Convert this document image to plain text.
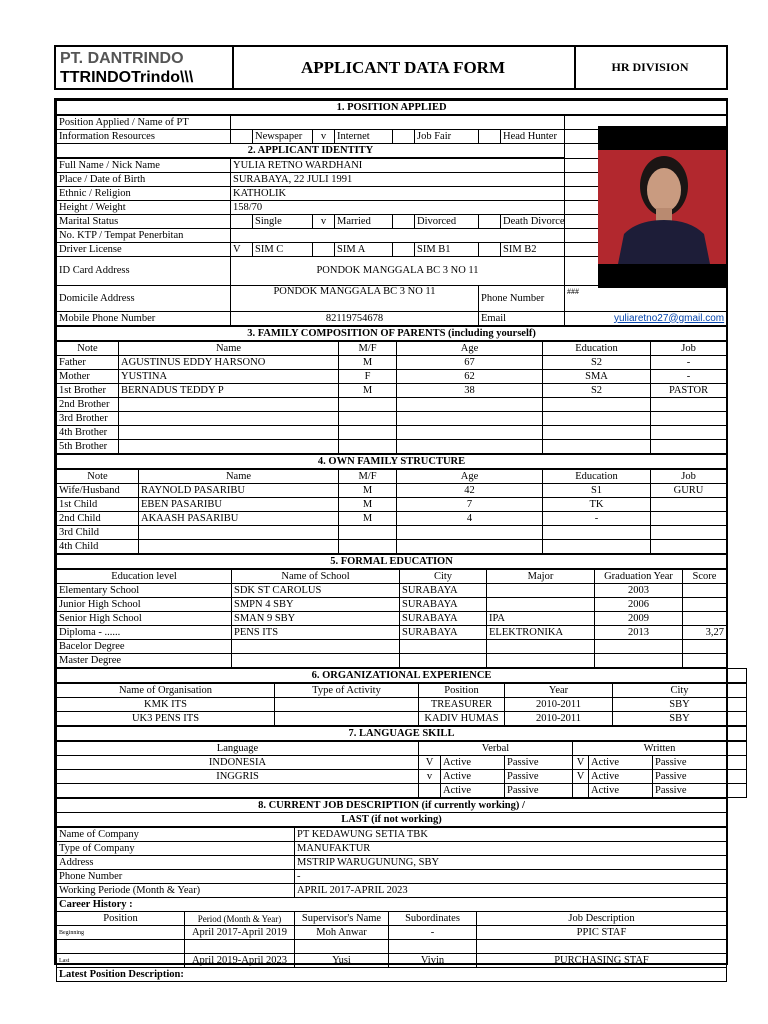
PT. DANTRINDO
TTRINDOTrindo\\\
APPLICANT DATA FORM	HR DIVISION
1. POSITION APPLIED									
Position Applied / Name of PT									
Information Resources		Newspaper	v	Internet		Job Fair		Head Hunter	
2. APPLICANT IDENTITY									
Full Name / Nick Name	YULIA RETNO WARDHANI								
Place / Date of Birth	SURABAYA, 22 JULI 1991								
Ethnic / Religion	KATHOLIK								
Height / Weight	158/70								
Marital Status		Single	v	Married		Divorced		Death Divorce	
No. KTP / Tempat Penerbitan									
Driver License	V	SIM C		SIM A		SIM B1		SIM B2	
ID Card Address	PONDOK MANGGALA BC 3 NO 11								
Domicile Address	PONDOK MANGGALA BC 3 NO 11						Phone Number		###
Mobile Phone Number	82119754678						Email		yuliaretno27@gmail.com
3. FAMILY COMPOSITION OF PARENTS (including yourself)					
Note	Name	M/F	Age	Education	Job
Father	AGUSTINUS EDDY HARSONO	M	67	S2	-
Mother	YUSTINA	F	62	SMA	-
1st Brother	BERNADUS TEDDY P	M	38	S2	PASTOR
2nd Brother					
3rd Brother					
4th Brother					
5th Brother					
4. OWN FAMILY STRUCTURE					
Note	Name	M/F	Age	Education	Job
Wife/Husband	RAYNOLD PASARIBU	M	42	S1	GURU
1st Child	EBEN PASARIBU	M	7	TK	
2nd Child	AKAASH PASARIBU	M	4	-	
3rd Child					
4th Child					
5. FORMAL EDUCATION					
Education level	Name of School	City	Major	Graduation Year	Score
Elementary School	SDK ST CAROLUS	SURABAYA		2003	
Junior High School	SMPN 4 SBY	SURABAYA		2006	
Senior High School	SMAN 9 SBY	SURABAYA	IPA	2009	
Diploma - ......	PENS ITS	SURABAYA	ELEKTRONIKA	2013	3,27
Bacelor Degree					
Master Degree					
6. ORGANIZATIONAL EXPERIENCE				
Name of Organisation	Type of Activity	Position	Year	City
KMK ITS		TREASURER	2010-2011	SBY
UK3 PENS ITS		KADIV HUMAS	2010-2011	SBY
7. LANGUAGE SKILL						
Language	Verbal			Written		
INDONESIA	V	Active	Passive	V	Active	Passive
INGGRIS	v	Active	Passive	V	Active	Passive
		Active	Passive		Active	Passive
8. CURRENT JOB DESCRIPTION (if currently working) /				
LAST (if not working)				
Name of Company		PT KEDAWUNG SETIA TBK		
Type of Company		MANUFAKTUR		
Address		MSTRIP WARUGUNUNG, SBY		
Phone Number		-		
Working Periode (Month & Year)		APRIL 2017-APRIL 2023		
Career History :				
Position	Period (Month & Year)	Supervisor's Name	Subordinates	Job Description
Beginning	April 2017-April 2019	Moh Anwar	-	PPIC STAF

Last	April 2019-April 2023	Yusi	Vivin	PURCHASING STAF
Latest Position Description:				
